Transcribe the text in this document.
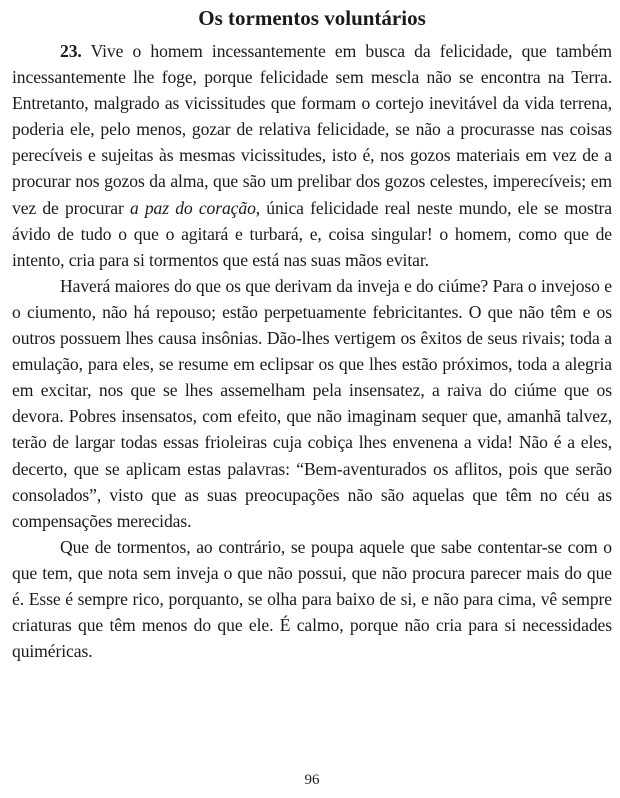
Os tormentos voluntários

23. Vive o homem incessantemente em busca da felicidade, que também incessantemente lhe foge, porque felicidade sem mescla não se encontra na Terra. Entretanto, malgrado as vicissitudes que formam o cortejo inevitável da vida terrena, poderia ele, pelo menos, gozar de relativa felicidade, se não a procurasse nas coisas perecíveis e sujeitas às mesmas vicissitudes, isto é, nos gozos materiais em vez de a procurar nos gozos da alma, que são um prelibar dos gozos celestes, imperecíveis; em vez de procurar a paz do coração, única felicidade real neste mundo, ele se mostra ávido de tudo o que o agitará e turbará, e, coisa singular! o homem, como que de intento, cria para si tormentos que está nas suas mãos evitar.

Haverá maiores do que os que derivam da inveja e do ciúme? Para o invejoso e o ciumento, não há repouso; estão perpetuamente febricitantes. O que não têm e os outros possuem lhes causa insônias. Dão-lhes vertigem os êxitos de seus rivais; toda a emulação, para eles, se resume em eclipsar os que lhes estão próximos, toda a alegria em excitar, nos que se lhes assemelham pela insensatez, a raiva do ciúme que os devora. Pobres insensatos, com efeito, que não imaginam sequer que, amanhã talvez, terão de largar todas essas frioleiras cuja cobiça lhes envenena a vida! Não é a eles, decerto, que se aplicam estas palavras: “Bem-aventurados os aflitos, pois que serão consolados”, visto que as suas preocupações não são aquelas que têm no céu as compensações merecidas.

Que de tormentos, ao contrário, se poupa aquele que sabe contentar-se com o que tem, que nota sem inveja o que não possui, que não procura parecer mais do que é. Esse é sempre rico, porquanto, se olha para baixo de si, e não para cima, vê sempre criaturas que têm menos do que ele. É calmo, porque não cria para si necessidades quiméricas.

96
